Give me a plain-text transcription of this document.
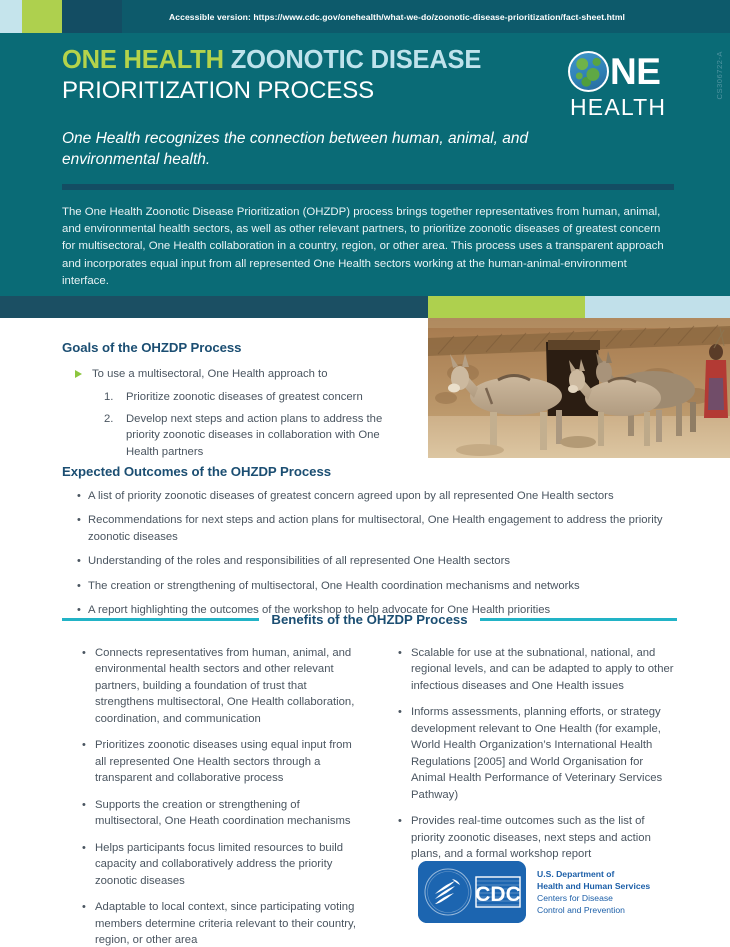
Accessible version: https://www.cdc.gov/onehealth/what-we-do/zoonotic-disease-prioritization/fact-sheet.html
ONE HEALTH ZOONOTIC DISEASE
PRIORITIZATION PROCESS
One Health recognizes the connection between human, animal, and environmental health.
The One Health Zoonotic Disease Prioritization (OHZDP) process brings together representatives from human, animal, and environmental health sectors, as well as other relevant partners, to prioritize zoonotic diseases of greatest concern for multisectoral, One Health collaboration in a country, region, or other area. This process uses a transparent approach and incorporates equal input from all represented One Health sectors working at the human-animal-environment interface.
NE
HEALTH
CS306722-A
Goals of the OHZDP Process
To use a multisectoral, One Health approach to
1.	Prioritize zoonotic diseases of greatest concern
2.	Develop next steps and action plans to address the priority zoonotic diseases in collaboration with One Health partners
Expected Outcomes of the OHZDP Process
• A list of priority zoonotic diseases of greatest concern agreed upon by all represented One Health sectors
• Recommendations for next steps and action plans for multisectoral, One Health engagement to address the priority zoonotic diseases
• Understanding of the roles and responsibilities of all represented One Health sectors
• The creation or strengthening of multisectoral, One Health coordination mechanisms and networks
• A report highlighting the outcomes of the workshop to help advocate for One Health priorities
Benefits of the OHZDP Process
• Connects representatives from human, animal, and environmental health sectors and other relevant partners, building a foundation of trust that strengthens multisectoral, One Health collaboration, coordination, and communication
• Prioritizes zoonotic diseases using equal input from all represented One Health sectors through a transparent and collaborative process
• Supports the creation or strengthening of multisectoral, One Heath coordination mechanisms
• Helps participants focus limited resources to build capacity and collaboratively address the priority zoonotic diseases
• Adaptable to local context, since participating voting members determine criteria relevant to their country, region, or other area
• Scalable for use at the subnational, national, and regional levels, and can be adapted to apply to other infectious diseases and One Health issues
• Informs assessments, planning efforts, or strategy development relevant to One Health (for example, World Health Organization’s International Health Regulations [2005] and World Organisation for Animal Health Performance of Veterinary Services Pathway)
• Provides real-time outcomes such as the list of priority zoonotic diseases, next steps and action plans, and a formal workshop report
CDC
U.S. Department of
Health and Human Services
Centers for Disease
Control and Prevention
